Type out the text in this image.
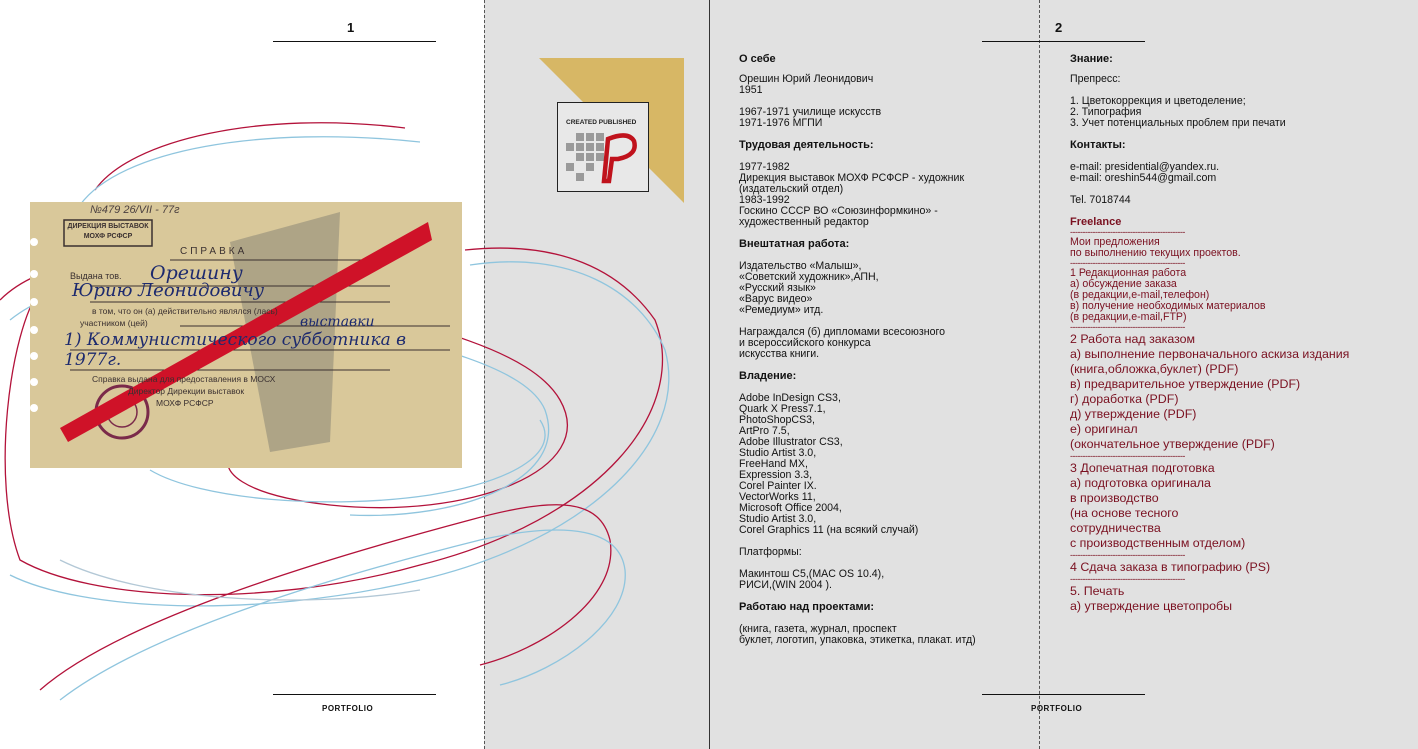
1	2
PORTFOLIO	PORTFOLIO
CREATED PUBLISHED
№479 26/VII - 77г
ДИРЕКЦИЯ ВЫСТАВОК МОХФ РСФСР
СПРАВКА
Выдана тов. Орешину
Юрию Леонидовичу
в том, что он (а) действительно являлся (лась)
участником (цей)	выставки
1) Коммунистического субботника в 1977г.
Справка выдана для предоставления в МОСХ
Директор Дирекции выставок
МОХФ РСФСР

О себе

Орешин Юрий Леонидович

1951

1967-1971 училище искусств

1971-1976 МГПИ

Трудовая деятельность:

1977-1982

Дирекция выставок МОХФ РСФСР - художник

(издательский отдел)

1983-1992

Госкино СССР ВО «Союзинформкино» -

художественный редактор

Внештатная работа:

Издательство «Малыш»,

«Советский художник»,АПН,

«Русский язык»

«Варус видео»

«Ремедиум» итд.

Награждался (б) дипломами всесоюзного

и всероссийского конкурса

искусства книги.

Владение:

Adobe InDesign CS3,

Quark X Press7.1,

PhotoShopCS3,

ArtPro 7.5,

Adobe Illustrator CS3,

Studio Artist 3.0,

FreeHand MX,

Expression 3.3,

Corel Painter IX.

VectorWorks 11,

Microsoft Office 2004,

Studio Artist 3.0,

Corel Graphics 11 (на всякий случай)

Платформы:

Макинтош C5,(MAC OS 10.4),

РИСИ,(WIN 2004 ).

Работаю над проектами:

(книга, газета, журнал, проспект

буклет, логотип, упаковка, этикетка, плакат. итд)

Знание:

Препресс:

1. Цветокоррекция и цветоделение;

2. Типография

3. Учет потенциальных проблем при печати

Контакты:

e-mail: presidential@yandex.ru.

e-mail: oreshin544@gmail.com

Tel. 7018744

Freelance

----------------------------------------------

Мои предложения

по выполнению текущих проектов.

----------------------------------------------

1 Редакционная работа

а) обсуждение заказа

(в редакции,e-mail,телефон)

в) получение необходимых материалов

(в редакции,e-mail,FTP)

----------------------------------------------

2 Работа над заказом

а) выполнение первоначального аскиза издания

(книга,обложка,буклет) (PDF)

в) предварительное утверждение (PDF)

г) доработка (PDF)

д) утверждение (PDF)

е) оригинал

(окончательное утверждение (PDF)

----------------------------------------------

3 Допечатная подготовка

а) подготовка оригинала

в производство

(на основе тесного

сотрудничества

с производственным отделом)

----------------------------------------------

4 Сдача заказа в типографию (PS)

----------------------------------------------

5. Печать

а) утверждение цветопробы
